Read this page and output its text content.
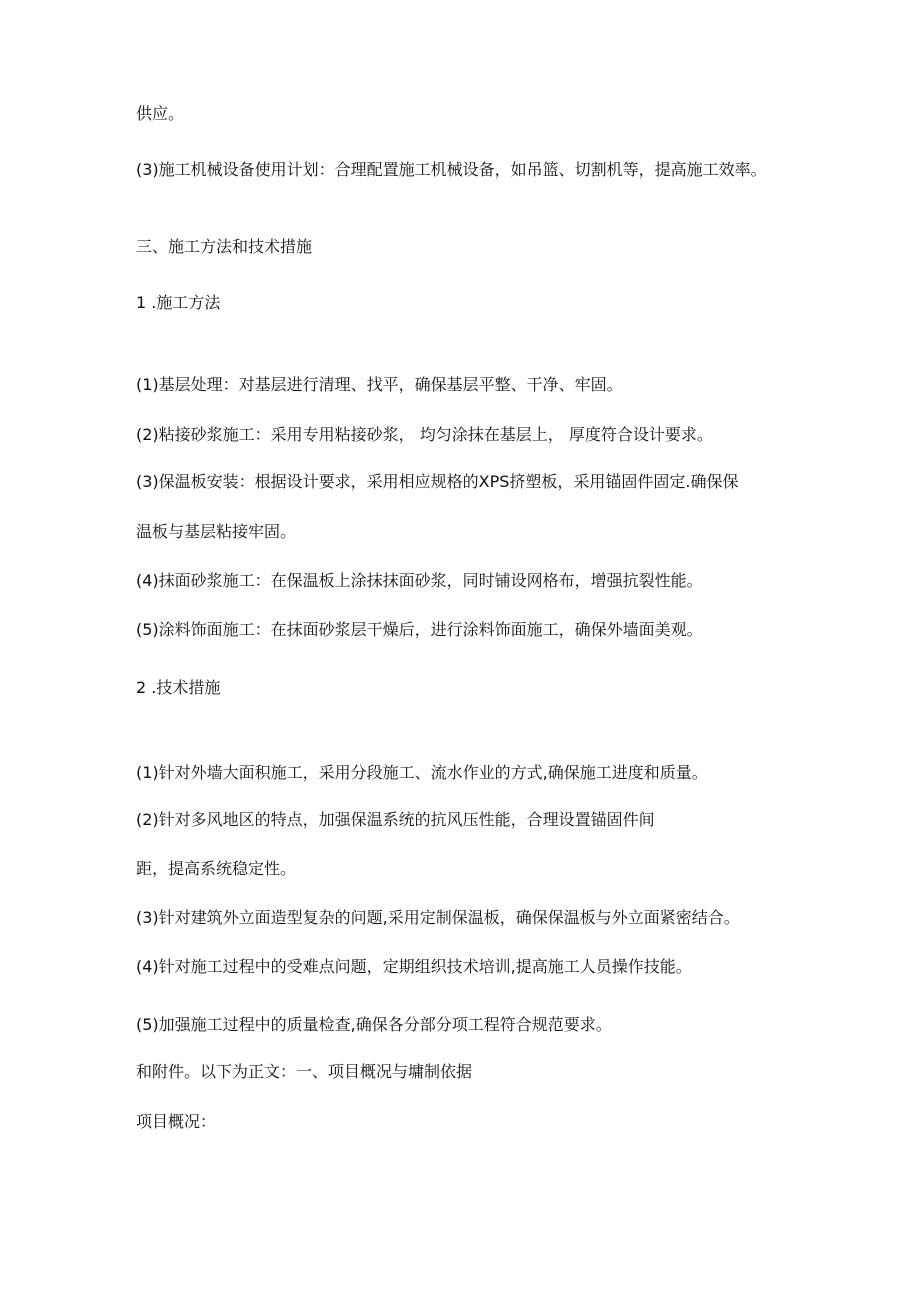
供应。
(3)施工机械设备使用计划：合理配置施工机械设备，如吊篮、切割机等，提高施工效率。
三、施工方法和技术措施
1 .施工方法
(1)基层处理：对基层进行清理、找平，确保基层平整、干净、牢固。
(2)粘接砂浆施工：采用专用粘接砂浆， 均匀涂抹在基层上， 厚度符合设计要求。
(3)保温板安装：根据设计要求，采用相应规格的XPS挤塑板，采用锚固件固定.确保保
温板与基层粘接牢固。
(4)抹面砂浆施工：在保温板上涂抹抹面砂浆，同时铺设网格布，增强抗裂性能。
(5)涂料饰面施工：在抹面砂浆层干燥后，进行涂料饰面施工，确保外墙面美观。
2 .技术措施
(1)针对外墙大面积施工，采用分段施工、流水作业的方式,确保施工进度和质量。
(2)针对多风地区的特点，加强保温系统的抗风压性能，合理设置锚固件间
距，提高系统稳定性。
(3)针对建筑外立面造型复杂的问题,采用定制保温板，确保保温板与外立面紧密结合。
(4)针对施工过程中的受难点问题，定期组织技术培训,提高施工人员操作技能。
(5)加强施工过程中的质量检查,确保各分部分项工程符合规范要求。
和附件。以下为正文：一、项目概况与墉制依据
项目概况：
